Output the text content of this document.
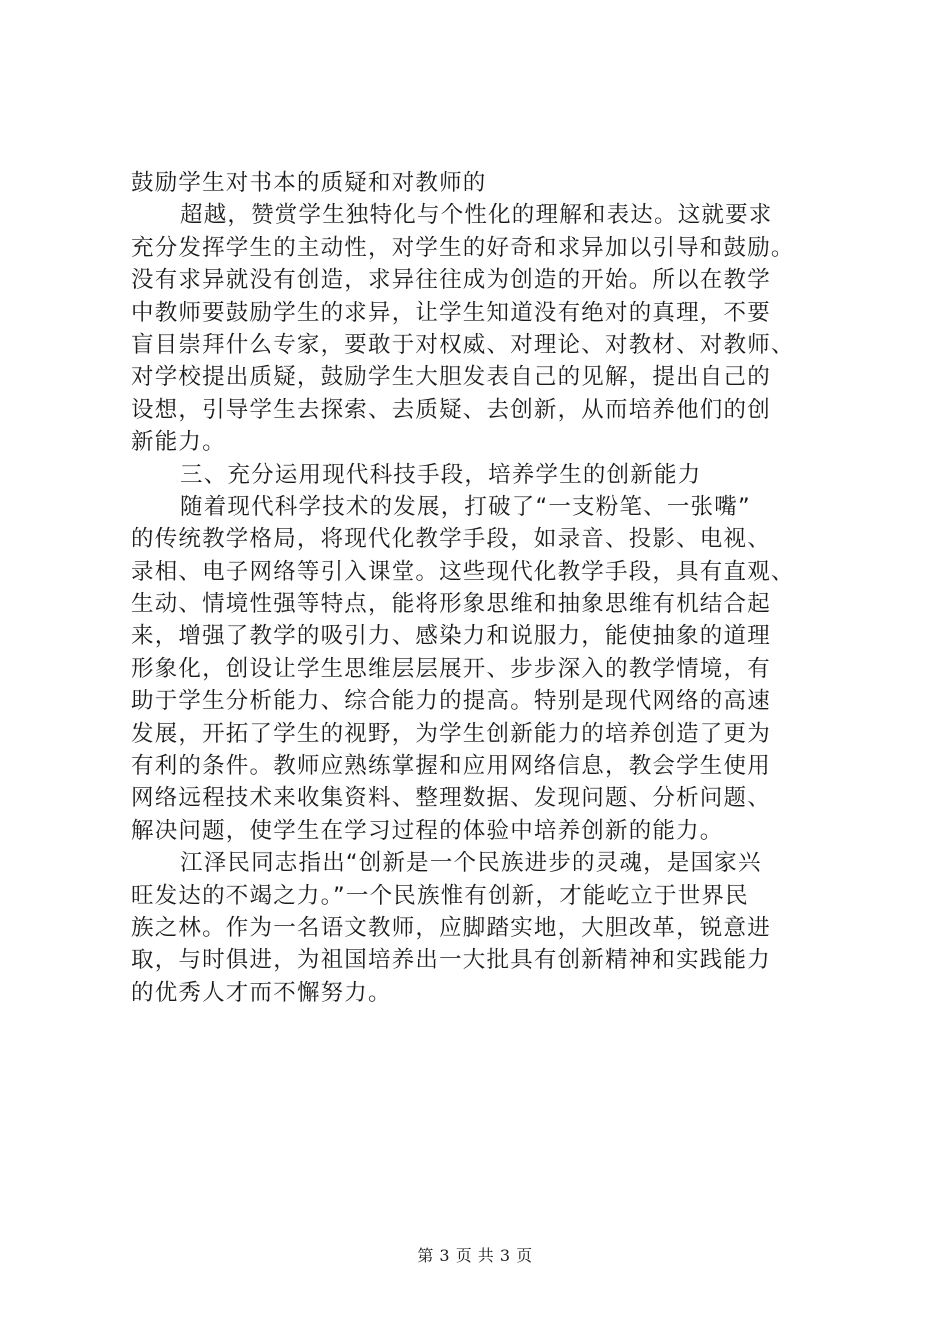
鼓励学生对书本的质疑和对教师的
超越，赞赏学生独特化与个性化的理解和表达。这就要求
充分发挥学生的主动性，对学生的好奇和求异加以引导和鼓励。
没有求异就没有创造，求异往往成为创造的开始。所以在教学
中教师要鼓励学生的求异，让学生知道没有绝对的真理，不要
盲目崇拜什么专家，要敢于对权威、对理论、对教材、对教师、
对学校提出质疑，鼓励学生大胆发表自己的见解，提出自己的
设想，引导学生去探索、去质疑、去创新，从而培养他们的创
新能力。
三、充分运用现代科技手段，培养学生的创新能力
随着现代科学技术的发展，打破了“一支粉笔、一张嘴”
的传统教学格局，将现代化教学手段，如录音、投影、电视、
录相、电子网络等引入课堂。这些现代化教学手段，具有直观、
生动、情境性强等特点，能将形象思维和抽象思维有机结合起
来，增强了教学的吸引力、感染力和说服力，能使抽象的道理
形象化，创设让学生思维层层展开、步步深入的教学情境，有
助于学生分析能力、综合能力的提高。特别是现代网络的高速
发展，开拓了学生的视野，为学生创新能力的培养创造了更为
有利的条件。教师应熟练掌握和应用网络信息，教会学生使用
网络远程技术来收集资料、整理数据、发现问题、分析问题、
解决问题，使学生在学习过程的体验中培养创新的能力。
江泽民同志指出“创新是一个民族进步的灵魂，是国家兴
旺发达的不竭之力。”一个民族惟有创新，才能屹立于世界民
族之林。作为一名语文教师，应脚踏实地，大胆改革，锐意进
取，与时俱进，为祖国培养出一大批具有创新精神和实践能力
的优秀人才而不懈努力。
第 3 页 共 3 页
